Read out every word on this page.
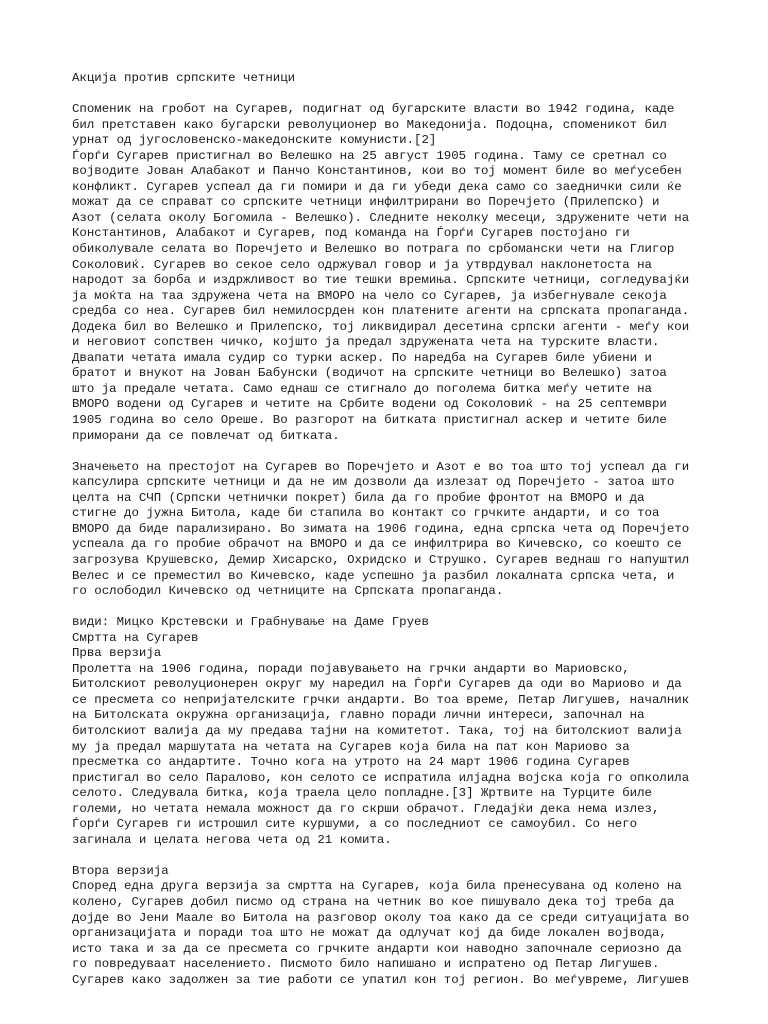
Акција против српските четници
Споменик на гробот на Сугарев, подигнат од бугарските власти во 1942 година, каде
бил претставен како бугарски револуционер во Македонија. Подоцна, споменикот бил
урнат од југословенско-македонските комунисти.[2]
Ѓорѓи Сугарев пристигнал во Велешко на 25 август 1905 година. Таму се сретнал со
војводите Јован Алабакот и Панчо Константинов, кои во тој момент биле во меѓусебен
конфликт. Сугарев успеал да ги помири и да ги убеди дека само со заеднички сили ќе
можат да се справат со српските четници инфилтрирани во Поречјето (Прилепско) и
Азот (селата околу Богомила - Велешко). Следните неколку месеци, здружените чети на
Константинов, Алабакот и Сугарев, под команда на Ѓорѓи Сугарев постојано ги
обиколувале селата во Поречјето и Велешко во потрага по србомански чети на Глигор
Соколовиќ. Сугарев во секое село одржувал говор и ја утврдувал наклонетоста на
народот за борба и издржливост во тие тешки времиња. Српските четници, согледувајќи
ја моќта на таа здружена чета на ВМОРО на чело со Сугарев, ја избегнувале секоја
средба со неа. Сугарев бил немилосрден кон платените агенти на српската пропаганда.
Додека бил во Велешко и Прилепско, тој ликвидирал десетина српски агенти - меѓу кои
и неговиот сопствен чичко, којшто ја предал здружената чета на турските власти.
Двапати четата имала судир со турки аскер. По наредба на Сугарев биле убиени и
братот и внукот на Јован Бабунски (водичот на српските четници во Велешко) затоа
што ја предале четата. Само еднаш се стигнало до поголема битка меѓу четите на
ВМОРО водени од Сугарев и четите на Србите водени од Соколовиќ - на 25 септември
1905 година во село Ореше. Во разгорот на битката пристигнал аскер и четите биле
приморани да се повлечат од битката.
Значењето на престојот на Сугарев во Поречјето и Азот е во тоа што тој успеал да ги
капсулира српските четници и да не им дозволи да излезат од Поречјето - затоа што
целта на СЧП (Српски четнички покрет) била да го пробие фронтот на ВМОРО и да
стигне до јужна Битола, каде би стапила во контакт со грчките андарти, и со тоа
ВМОРО да биде парализирано. Во зимата на 1906 година, една српска чета од Поречјето
успеала да го пробие обрачот на ВМОРО и да се инфилтрира во Кичевско, со коешто се
загрозува Крушевско, Демир Хисарско, Охридско и Струшко. Сугарев веднаш го напуштил
Велес и се преместил во Кичевско, каде успешно ја разбил локалната српска чета, и
го ослободил Кичевско од четниците на Српската пропаганда.
види: Мицко Крстевски и Грабнување на Даме Груев
Смртта на Сугарев
Прва верзија
Пролетта на 1906 година, поради појавувањето на грчки андарти во Мариовско,
Битолскиот револуционерен округ му наредил на Ѓорѓи Сугарев да оди во Мариово и да
се пресмета со непријателските грчки андарти. Во тоа време, Петар Лигушев, началник
на Битолската окружна организација, главно поради лични интереси, започнал на
битолскиот валија да му предава тајни на комитетот. Така, тој на битолскиот валија
му ја предал маршутата на четата на Сугарев која била на пат кон Мариово за
пресметка со андартите. Точно кога на утрото на 24 март 1906 година Сугарев
пристигал во село Паралово, кон селото се испратила илјадна војска која го опколила
селото. Следувала битка, која траела цело попладне.[3] Жртвите на Турците биле
големи, но четата немала можност да го скрши обрачот. Гледајќи дека нема излез,
Ѓорѓи Сугарев ги истрошил сите куршуми, а со последниот се самоубил. Со него
загинала и целата негова чета од 21 комита.
Втора верзија
Според една друга верзија за смртта на Сугарев, која била пренесувана од колено на
колено, Сугарев добил писмо од страна на четник во кое пишувало дека тој треба да
дојде во Јени Маале во Битола на разговор околу тоа како да се среди ситуацијата во
организацијата и поради тоа што не можат да одлучат кој да биде локален војвода,
исто така и за да се пресмета со грчките андарти кои наводно започнале сериозно да
го повредуваат населението. Писмото било напишано и испратено од Петар Лигушев.
Сугарев како задолжен за тие работи се упатил кон тој регион. Во меѓувреме, Лигушев
